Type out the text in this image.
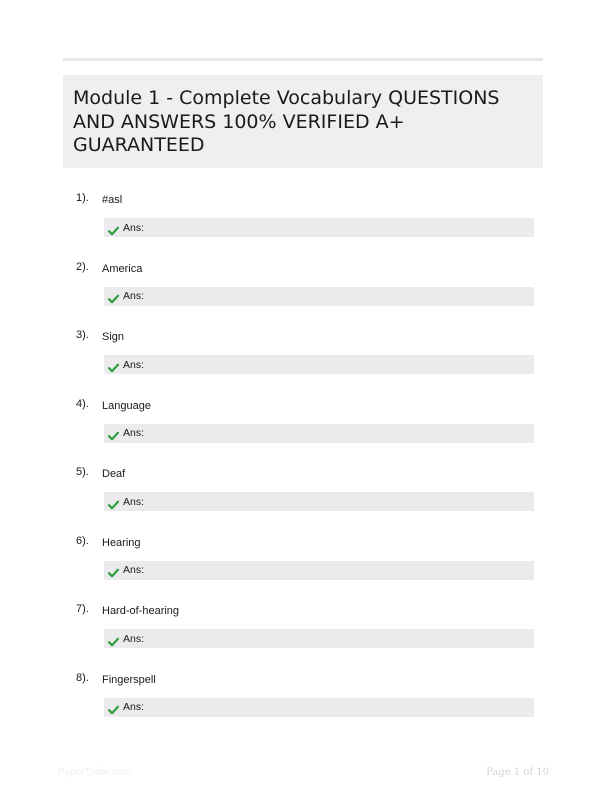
Module 1 - Complete Vocabulary QUESTIONS AND ANSWERS 100% VERIFIED A+ GUARANTEED
1). #asl
Ans:
2). America
Ans:
3). Sign
Ans:
4). Language
Ans:
5). Deaf
Ans:
6). Hearing
Ans:
7). Hard-of-hearing
Ans:
8). Fingerspell
Ans:
PaperTrible.com	Page 1 of 10
